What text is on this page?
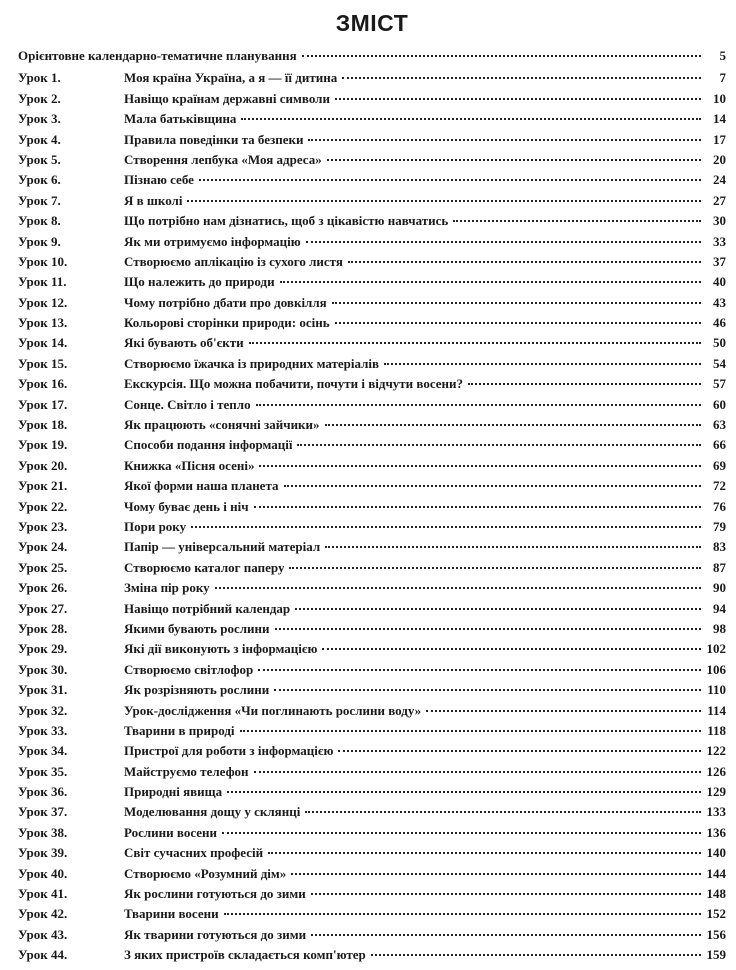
ЗМІСТ
Орієнтовне календарно-тематичне планування	5
Урок 1.	Моя країна Україна, а я — її дитина	7
Урок 2.	Навіщо країнам державні символи	10
Урок 3.	Мала батьківщина	14
Урок 4.	Правила поведінки та безпеки	17
Урок 5.	Створення лепбука «Моя адреса»	20
Урок 6.	Пізнаю себе	24
Урок 7.	Я в школі	27
Урок 8.	Що потрібно нам дізнатись, щоб з цікавістю навчатись	30
Урок 9.	Як ми отримуємо інформацію	33
Урок 10.	Створюємо аплікацію із сухого листя	37
Урок 11.	Що належить до природи	40
Урок 12.	Чому потрібно дбати про довкілля	43
Урок 13.	Кольорові сторінки природи: осінь	46
Урок 14.	Які бувають об'єкти	50
Урок 15.	Створюємо їжачка із природних матеріалів	54
Урок 16.	Екскурсія. Що можна побачити, почути і відчути восени?	57
Урок 17.	Сонце. Світло і тепло	60
Урок 18.	Як працюють «сонячні зайчики»	63
Урок 19.	Способи подання інформації	66
Урок 20.	Книжка «Пісня осені»	69
Урок 21.	Якої форми наша планета	72
Урок 22.	Чому буває день і ніч	76
Урок 23.	Пори року	79
Урок 24.	Папір — універсальний матеріал	83
Урок 25.	Створюємо каталог паперу	87
Урок 26.	Зміна пір року	90
Урок 27.	Навіщо потрібний календар	94
Урок 28.	Якими бувають рослини	98
Урок 29.	Які дії виконують з інформацією	102
Урок 30.	Створюємо світлофор	106
Урок 31.	Як розрізняють рослини	110
Урок 32.	Урок-дослідження «Чи поглинають рослини воду»	114
Урок 33.	Тварини в природі	118
Урок 34.	Пристрої для роботи з інформацією	122
Урок 35.	Майструємо телефон	126
Урок 36.	Природні явища	129
Урок 37.	Моделювання дощу у склянці	133
Урок 38.	Рослини восени	136
Урок 39.	Світ сучасних професій	140
Урок 40.	Створюємо «Розумний дім»	144
Урок 41.	Як рослини готуються до зими	148
Урок 42.	Тварини восени	152
Урок 43.	Як тварини готуються до зими	156
Урок 44.	З яких пристроїв складається комп'ютер	159
